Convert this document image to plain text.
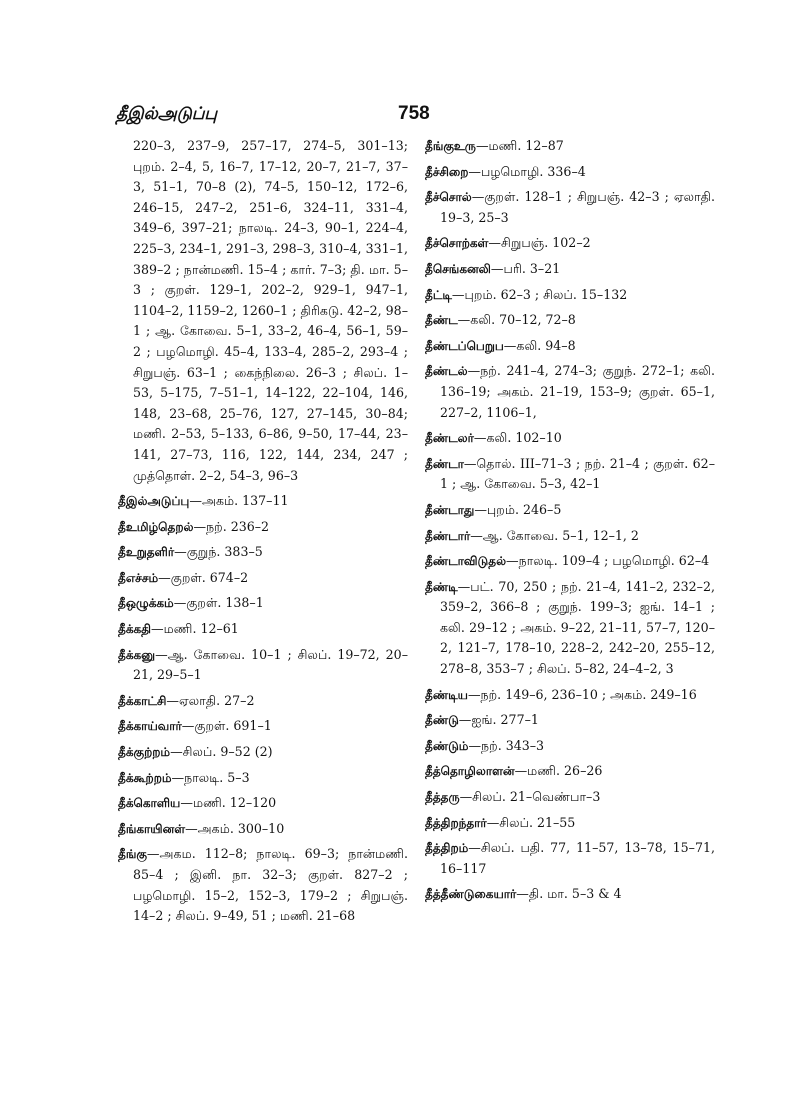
தீஇல்அடுப்பு	758

220–3, 237–9, 257–17, 274–5, 301–13; புறம். 2–4, 5, 16–7, 17–12, 20–7, 21–7, 37–3, 51–1, 70–8 (2), 74–5, 150–12, 172–6, 246–15, 247–2, 251–6, 324–11, 331–4, 349–6, 397–21; நாலடி. 24–3, 90–1, 224–4, 225–3, 234–1, 291–3, 298–3, 310–4, 331–1, 389–2 ; நான்மணி. 15–4 ; கார். 7–3; தி. மா. 5–3 ; குறள். 129–1, 202–2, 929–1, 947–1, 1104–2, 1159–2, 1260–1 ; திரிகடு. 42–2, 98–1 ; ஆ. கோவை. 5–1, 33–2, 46–4, 56–1, 59–2 ; பழமொழி. 45–4, 133–4, 285–2, 293–4 ; சிறுபஞ். 63–1 ; கைந்நிலை. 26–3 ; சிலப். 1–53, 5–175, 7–51–1, 14–122, 22–104, 146, 148, 23–68, 25–76, 127, 27–145, 30–84; மணி. 2–53, 5–133, 6–86, 9–50, 17–44, 23–141, 27–73, 116, 122, 144, 234, 247 ; முத்தொள். 2–2, 54–3, 96–3

தீஇல்அடுப்பு—அகம். 137–11

தீஉமிழ்தெறல்—நற். 236–2

தீஉறுதளிர்—குறுந். 383–5

தீஎச்சம்—குறள். 674–2

தீஒழுக்கம்—குறள். 138–1

தீக்கதி—மணி. 12–61

தீக்கனு—ஆ. கோவை. 10–1 ; சிலப். 19–72, 20–21, 29–5–1

தீக்காட்சி—ஏலாதி. 27–2

தீக்காய்வார்—குறள். 691–1

தீக்குற்றம்—சிலப். 9–52 (2)

தீக்கூற்றம்—நாலடி. 5–3

தீக்கொளிய—மணி. 12–120

தீங்காயினள்—அகம். 300–10

தீங்கு—அகம. 112–8; நாலடி. 69–3; நான்மணி. 85–4 ; இனி. நா. 32–3; குறள். 827–2 ; பழமொழி. 15–2, 152–3, 179–2 ; சிறுபஞ். 14–2 ; சிலப். 9–49, 51 ; மணி. 21–68

தீங்குஉரு—மணி. 12–87

தீச்சிறை—பழமொழி. 336–4

தீச்சொல்—குறள். 128–1 ; சிறுபஞ். 42–3 ; ஏலாதி. 19–3, 25–3

தீச்சொற்கள்—சிறுபஞ். 102–2

தீசெங்கனலி—பரி. 3–21

தீட்டி—புறம். 62–3 ; சிலப். 15–132

தீண்ட—கலி. 70–12, 72–8

தீண்டப்பெறுப—கலி. 94–8

தீண்டல்—நற். 241–4, 274–3; குறுந். 272–1; கலி. 136–19; அகம். 21–19, 153–9; குறள். 65–1, 227–2, 1106–1,

தீண்டலர்—கலி. 102–10

தீண்டா—தொல். III–71–3 ; நற். 21–4 ; குறள். 62–1 ; ஆ. கோவை. 5–3, 42–1

தீண்டாது—புறம். 246–5

தீண்டார்—ஆ. கோவை. 5–1, 12–1, 2

தீண்டாவிடுதல்—நாலடி. 109–4 ; பழமொழி. 62–4

தீண்டி—பட். 70, 250 ; நற். 21–4, 141–2, 232–2, 359–2, 366–8 ; குறுந். 199–3; ஐங். 14–1 ; கலி. 29–12 ; அகம். 9–22, 21–11, 57–7, 120–2, 121–7, 178–10, 228–2, 242–20, 255–12, 278–8, 353–7 ; சிலப். 5–82, 24–4–2, 3

தீண்டிய—நற். 149–6, 236–10 ; அகம். 249–16

தீண்டு—ஐங். 277–1

தீண்டும்—நற். 343–3

தீத்தொழிலாளன்—மணி. 26–26

தீத்தரு—சிலப். 21–வெண்பா–3

தீத்திறந்தார்—சிலப். 21–55

தீத்திறம்—சிலப். பதி. 77, 11–57, 13–78, 15–71, 16–117

தீத்தீண்டுகையார்—தி. மா. 5–3 & 4
